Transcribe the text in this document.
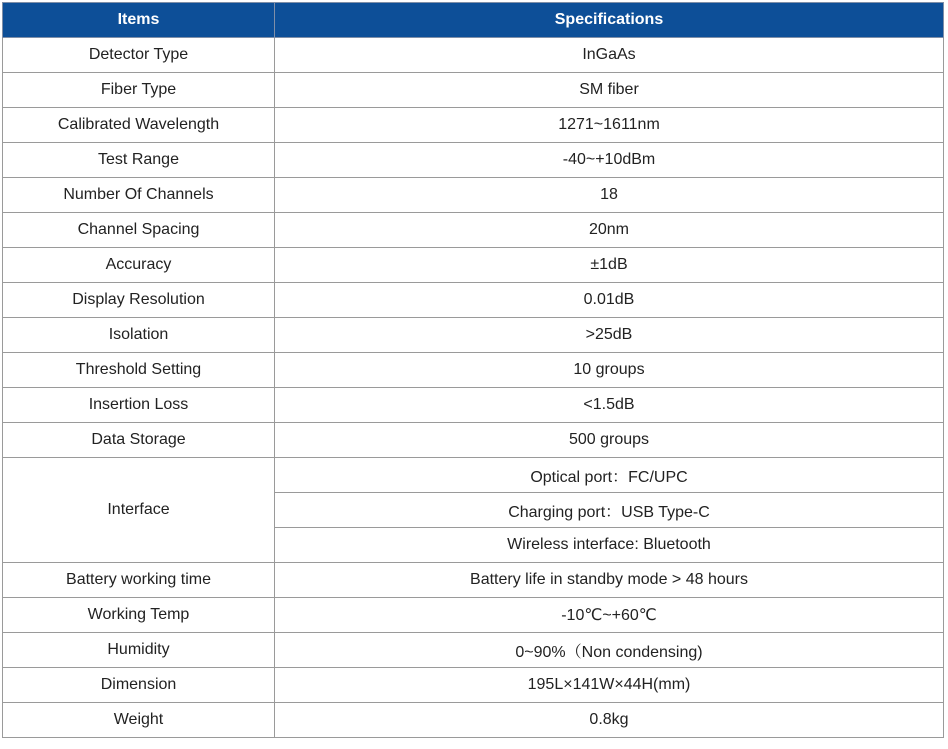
Items	Specifications
Detector Type	InGaAs
Fiber Type	SM fiber
Calibrated Wavelength	1271~1611nm
Test Range	-40~+10dBm
Number Of Channels	18
Channel Spacing	20nm
Accuracy	±1dB
Display Resolution	0.01dB
Isolation	>25dB
Threshold Setting	10 groups
Insertion Loss	<1.5dB
Data Storage	500 groups
Interface	Optical port：FC/UPC
	Charging port：USB Type-C
	Wireless interface: Bluetooth
Battery working time	Battery life in standby mode > 48 hours
Working Temp	-10℃~+60℃
Humidity	0~90%（Non condensing)
Dimension	195L×141W×44H(mm)
Weight	0.8kg
